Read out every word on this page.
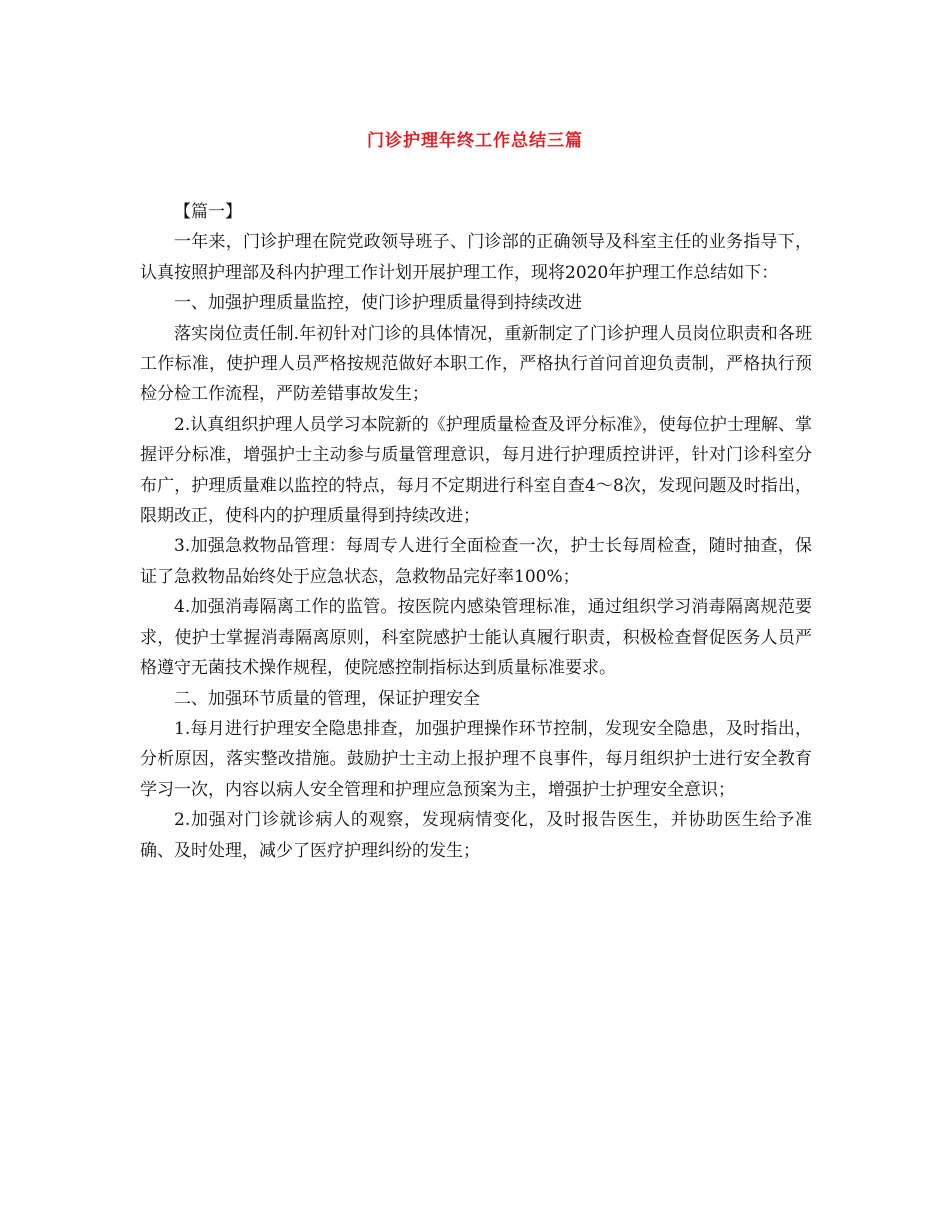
门诊护理年终工作总结三篇

【篇一】

一年来，门诊护理在院党政领导班子、门诊部的正确领导及科室主任的业务指导下，认真按照护理部及科内护理工作计划开展护理工作，现将2020年护理工作总结如下：

一、加强护理质量监控，使门诊护理质量得到持续改进

落实岗位责任制.年初针对门诊的具体情况，重新制定了门诊护理人员岗位职责和各班工作标准，使护理人员严格按规范做好本职工作，严格执行首问首迎负责制，严格执行预检分检工作流程，严防差错事故发生；

2.认真组织护理人员学习本院新的《护理质量检查及评分标准》，使每位护士理解、掌握评分标准，增强护士主动参与质量管理意识，每月进行护理质控讲评，针对门诊科室分布广，护理质量难以监控的特点，每月不定期进行科室自查4～8次，发现问题及时指出，限期改正，使科内的护理质量得到持续改进；

3.加强急救物品管理：每周专人进行全面检查一次，护士长每周检查，随时抽查，保证了急救物品始终处于应急状态，急救物品完好率100%；

4.加强消毒隔离工作的监管。按医院内感染管理标准，通过组织学习消毒隔离规范要求，使护士掌握消毒隔离原则，科室院感护士能认真履行职责，积极检查督促医务人员严格遵守无菌技术操作规程，使院感控制指标达到质量标准要求。

二、加强环节质量的管理，保证护理安全

1.每月进行护理安全隐患排查，加强护理操作环节控制，发现安全隐患，及时指出，分析原因，落实整改措施。鼓励护士主动上报护理不良事件，每月组织护士进行安全教育学习一次，内容以病人安全管理和护理应急预案为主，增强护士护理安全意识；

2.加强对门诊就诊病人的观察，发现病情变化，及时报告医生，并协助医生给予准确、及时处理，减少了医疗护理纠纷的发生；
